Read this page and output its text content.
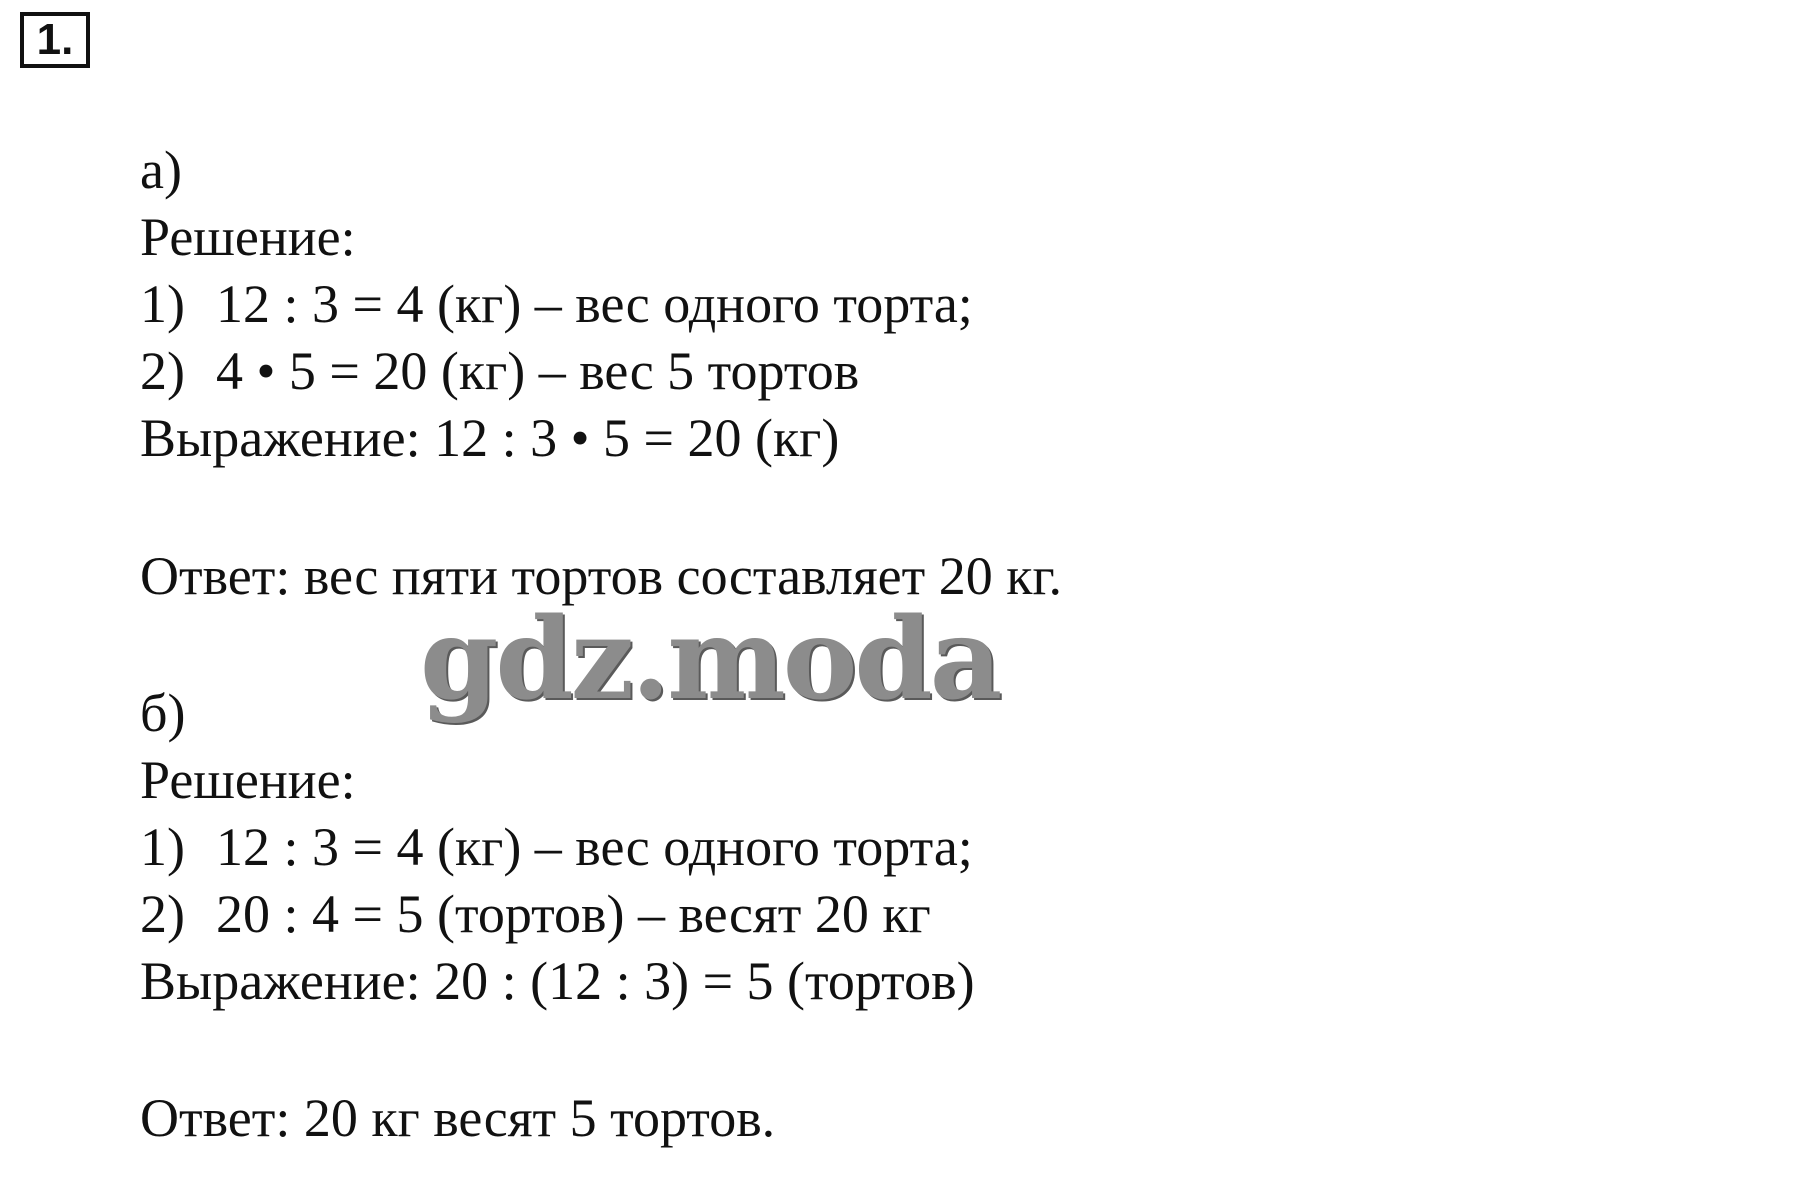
1.
а)
Решение:
1) 12 : 3 = 4 (кг) – вес одного торта;
2) 4 • 5 = 20 (кг) – вес 5 тортов
Выражение: 12 : 3 • 5 = 20 (кг)
Ответ: вес пяти тортов составляет 20 кг.
б)
Решение:
1) 12 : 3 = 4 (кг) – вес одного торта;
2) 20 : 4 = 5 (тортов) – весят 20 кг
Выражение: 20 : (12 : 3) = 5 (тортов)
Ответ: 20 кг весят 5 тортов.
gdz.moda
